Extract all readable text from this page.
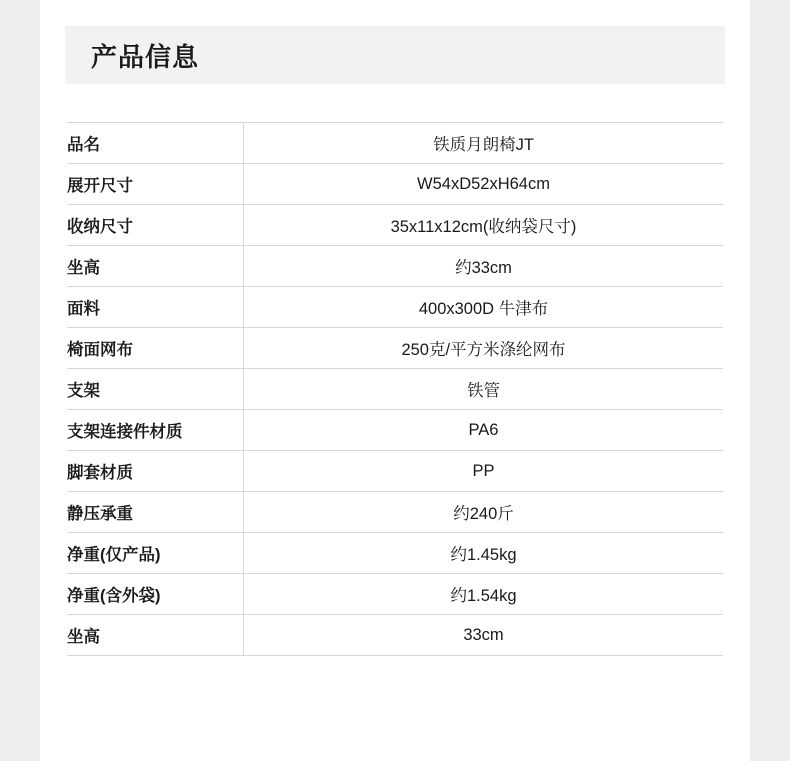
产品信息
品名	铁质月朗椅JT
展开尺寸	W54xD52xH64cm
收纳尺寸	35x11x12cm(收纳袋尺寸)
坐高	约33cm
面料	400x300D 牛津布
椅面网布	250克/平方米涤纶网布
支架	铁管
支架连接件材质	PA6
脚套材质	PP
静压承重	约240斤
净重(仅产品)	约1.45kg
净重(含外袋)	约1.54kg
坐高	33cm
